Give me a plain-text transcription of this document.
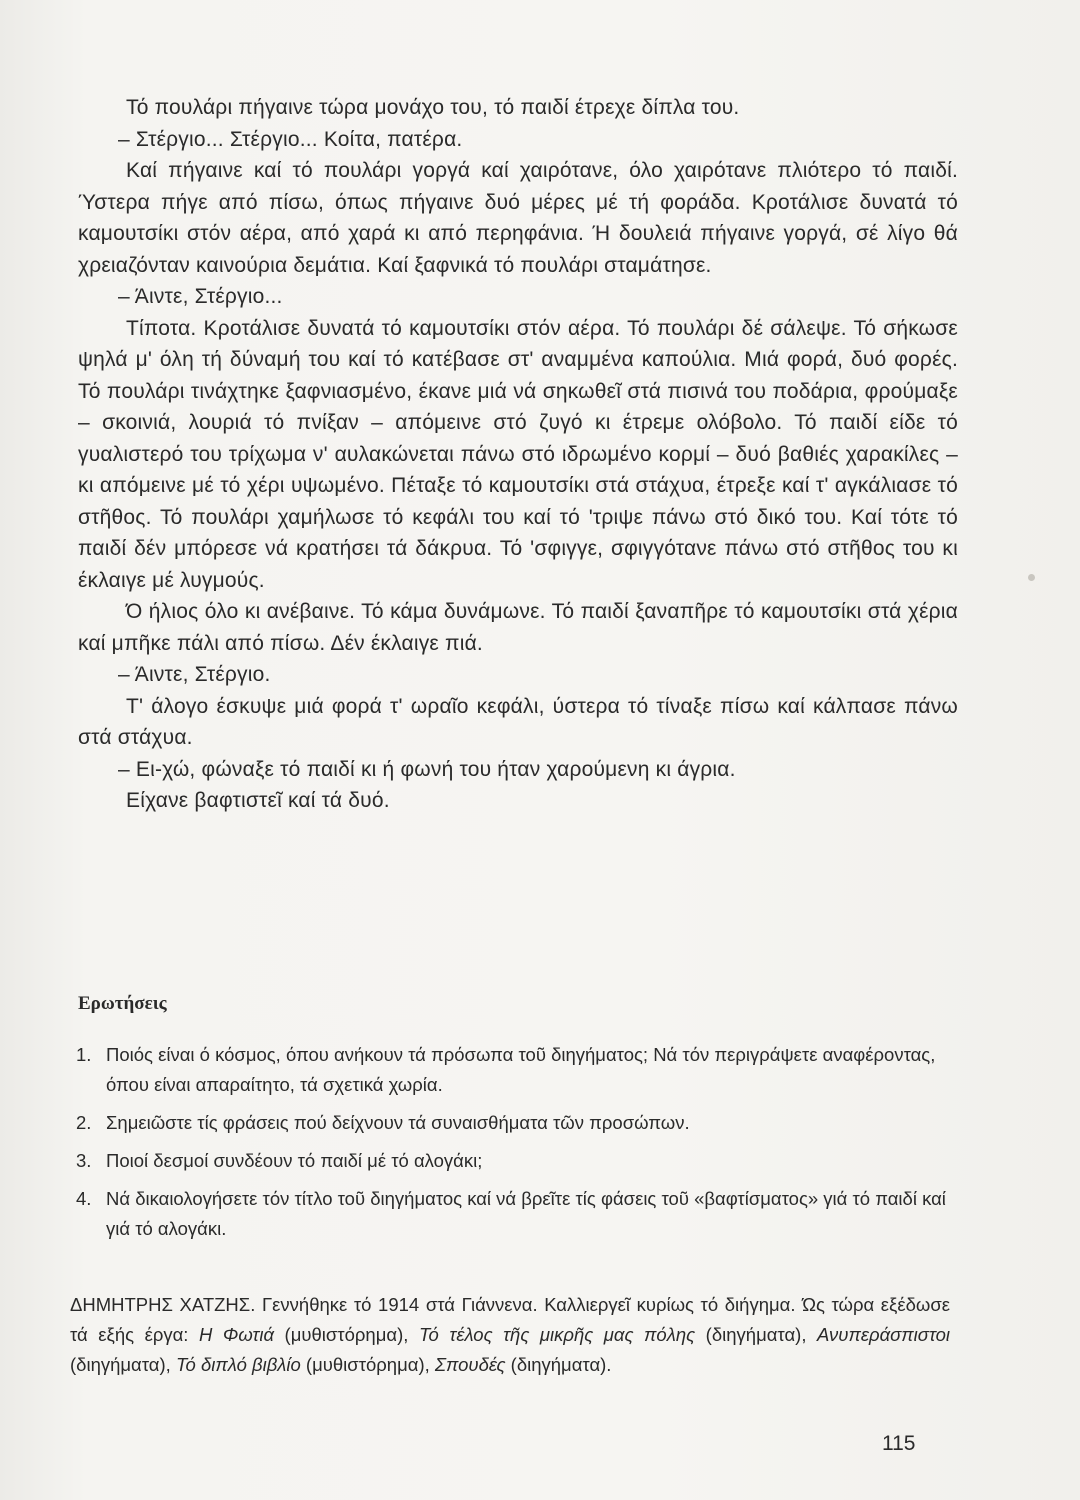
Τό πουλάρι πήγαινε τώρα μονάχο του, τό παιδί έτρεχε δίπλα του.

– Στέργιο... Στέργιο... Κοίτα, πατέρα.

Καί πήγαινε καί τό πουλάρι γοργά καί χαιρότανε, όλο χαιρότανε πλιότερο τό παιδί. Ύστερα πήγε από πίσω, όπως πήγαινε δυό μέρες μέ τή φοράδα. Κροτάλισε δυνατά τό καμουτσίκι στόν αέρα, από χαρά κι από περηφάνια. Ή δουλειά πήγαινε γοργά, σέ λίγο θά χρειαζόνταν καινούρια δεμάτια. Καί ξαφνικά τό πουλάρι σταμάτησε.

– Άιντε, Στέργιο...

Τίποτα. Κροτάλισε δυνατά τό καμουτσίκι στόν αέρα. Τό πουλάρι δέ σάλεψε. Τό σήκωσε ψηλά μ' όλη τή δύναμή του καί τό κατέβασε στ' αναμμένα καπούλια. Μιά φορά, δυό φορές. Τό πουλάρι τινάχτηκε ξαφνιασμένο, έκανε μιά νά σηκωθεῖ στά πισινά του ποδάρια, φρούμαξε – σκοινιά, λουριά τό πνίξαν – απόμεινε στό ζυγό κι έτρεμε ολόβολο. Τό παιδί είδε τό γυαλιστερό του τρίχωμα ν' αυλακώνεται πάνω στό ιδρωμένο κορμί – δυό βαθιές χαρακίλες – κι απόμεινε μέ τό χέρι υψωμένο. Πέταξε τό καμουτσίκι στά στάχυα, έτρεξε καί τ' αγκάλιασε τό στῆθος. Τό πουλάρι χαμήλωσε τό κεφάλι του καί τό 'τριψε πάνω στό δικό του. Καί τότε τό παιδί δέν μπόρεσε νά κρατήσει τά δάκρυα. Τό 'σφιγγε, σφιγγότανε πάνω στό στῆθος του κι έκλαιγε μέ λυγμούς.

Ό ήλιος όλο κι ανέβαινε. Τό κάμα δυνάμωνε. Τό παιδί ξαναπῆρε τό καμουτσίκι στά χέρια καί μπῆκε πάλι από πίσω. Δέν έκλαιγε πιά.

– Άιντε, Στέργιο.

Τ' άλογο έσκυψε μιά φορά τ' ωραῖο κεφάλι, ύστερα τό τίναξε πίσω καί κάλπασε πάνω στά στάχυα.

– Ει-χώ, φώναξε τό παιδί κι ή φωνή του ήταν χαρούμενη κι άγρια.

Είχανε βαφτιστεῖ καί τά δυό.

Ερωτήσεις
1. Ποιός είναι ό κόσμος, όπου ανήκουν τά πρόσωπα τοῦ διηγήματος; Νά τόν περιγράψετε αναφέροντας, όπου είναι απαραίτητο, τά σχετικά χωρία.
2. Σημειῶστε τίς φράσεις πού δείχνουν τά συναισθήματα τῶν προσώπων.
3. Ποιοί δεσμοί συνδέουν τό παιδί μέ τό αλογάκι;
4. Νά δικαιολογήσετε τόν τίτλο τοῦ διηγήματος καί νά βρεῖτε τίς φάσεις τοῦ «βαφτίσματος» γιά τό παιδί καί γιά τό αλογάκι.
ΔΗΜΗΤΡΗΣ ΧΑΤΖΗΣ. Γεννήθηκε τό 1914 στά Γιάννενα. Καλλιεργεῖ κυρίως τό διήγημα. Ώς τώρα εξέδωσε τά εξής έργα: Η Φωτιά (μυθιστόρημα), Τό τέλος τῆς μικρῆς μας πόλης (διηγήματα), Ανυπεράσπιστοι (διηγήματα), Τό διπλό βιβλίο (μυθιστόρημα), Σπουδές (διηγήματα).
115
